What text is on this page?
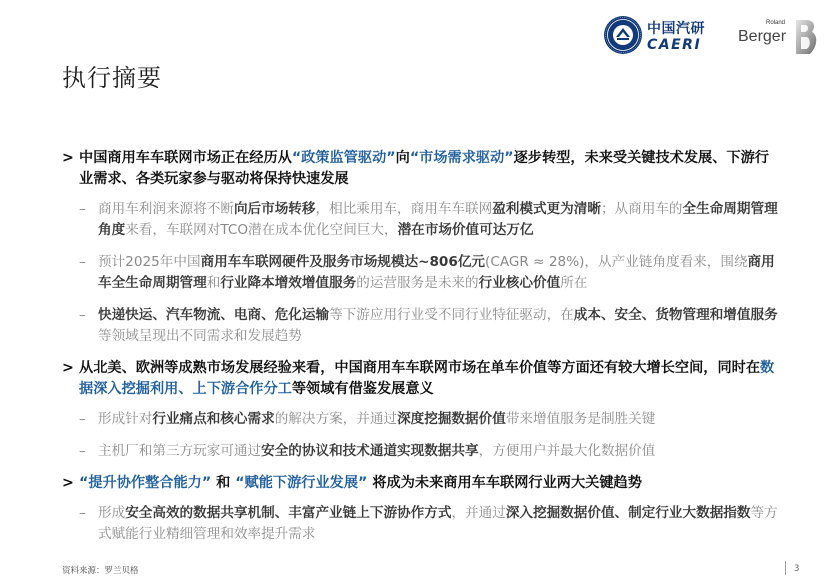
执行摘要
中国汽研
CAERI
Roland
Berger
> 中国商用车车联网市场正在经历从“政策监管驱动”向“市场需求驱动”逐步转型，未来受关键技术发展、下游行业需求、各类玩家参与驱动将保持快速发展
– 商用车利润来源将不断向后市场转移，相比乘用车，商用车车联网盈利模式更为清晰；从商用车的全生命周期管理角度来看，车联网对TCO潜在成本优化空间巨大，潜在市场价值可达万亿
– 预计2025年中国商用车车联网硬件及服务市场规模达~806亿元(CAGR ≈ 28%)，从产业链角度看来，围绕商用车全生命周期管理和行业降本增效增值服务的运营服务是未来的行业核心价值所在
– 快递快运、汽车物流、电商、危化运输等下游应用行业受不同行业特征驱动，在成本、安全、货物管理和增值服务等领域呈现出不同需求和发展趋势
> 从北美、欧洲等成熟市场发展经验来看，中国商用车车联网市场在单车价值等方面还有较大增长空间，同时在数据深入挖掘利用、上下游合作分工等领域有借鉴发展意义
– 形成针对行业痛点和核心需求的解决方案，并通过深度挖掘数据价值带来增值服务是制胜关键
– 主机厂和第三方玩家可通过安全的协议和技术通道实现数据共享，方便用户并最大化数据价值
> “提升协作整合能力” 和 “赋能下游行业发展” 将成为未来商用车车联网行业两大关键趋势
– 形成安全高效的数据共享机制、丰富产业链上下游协作方式，并通过深入挖掘数据价值、制定行业大数据指数等方式赋能行业精细管理和效率提升需求
资料来源：罗兰贝格	3
